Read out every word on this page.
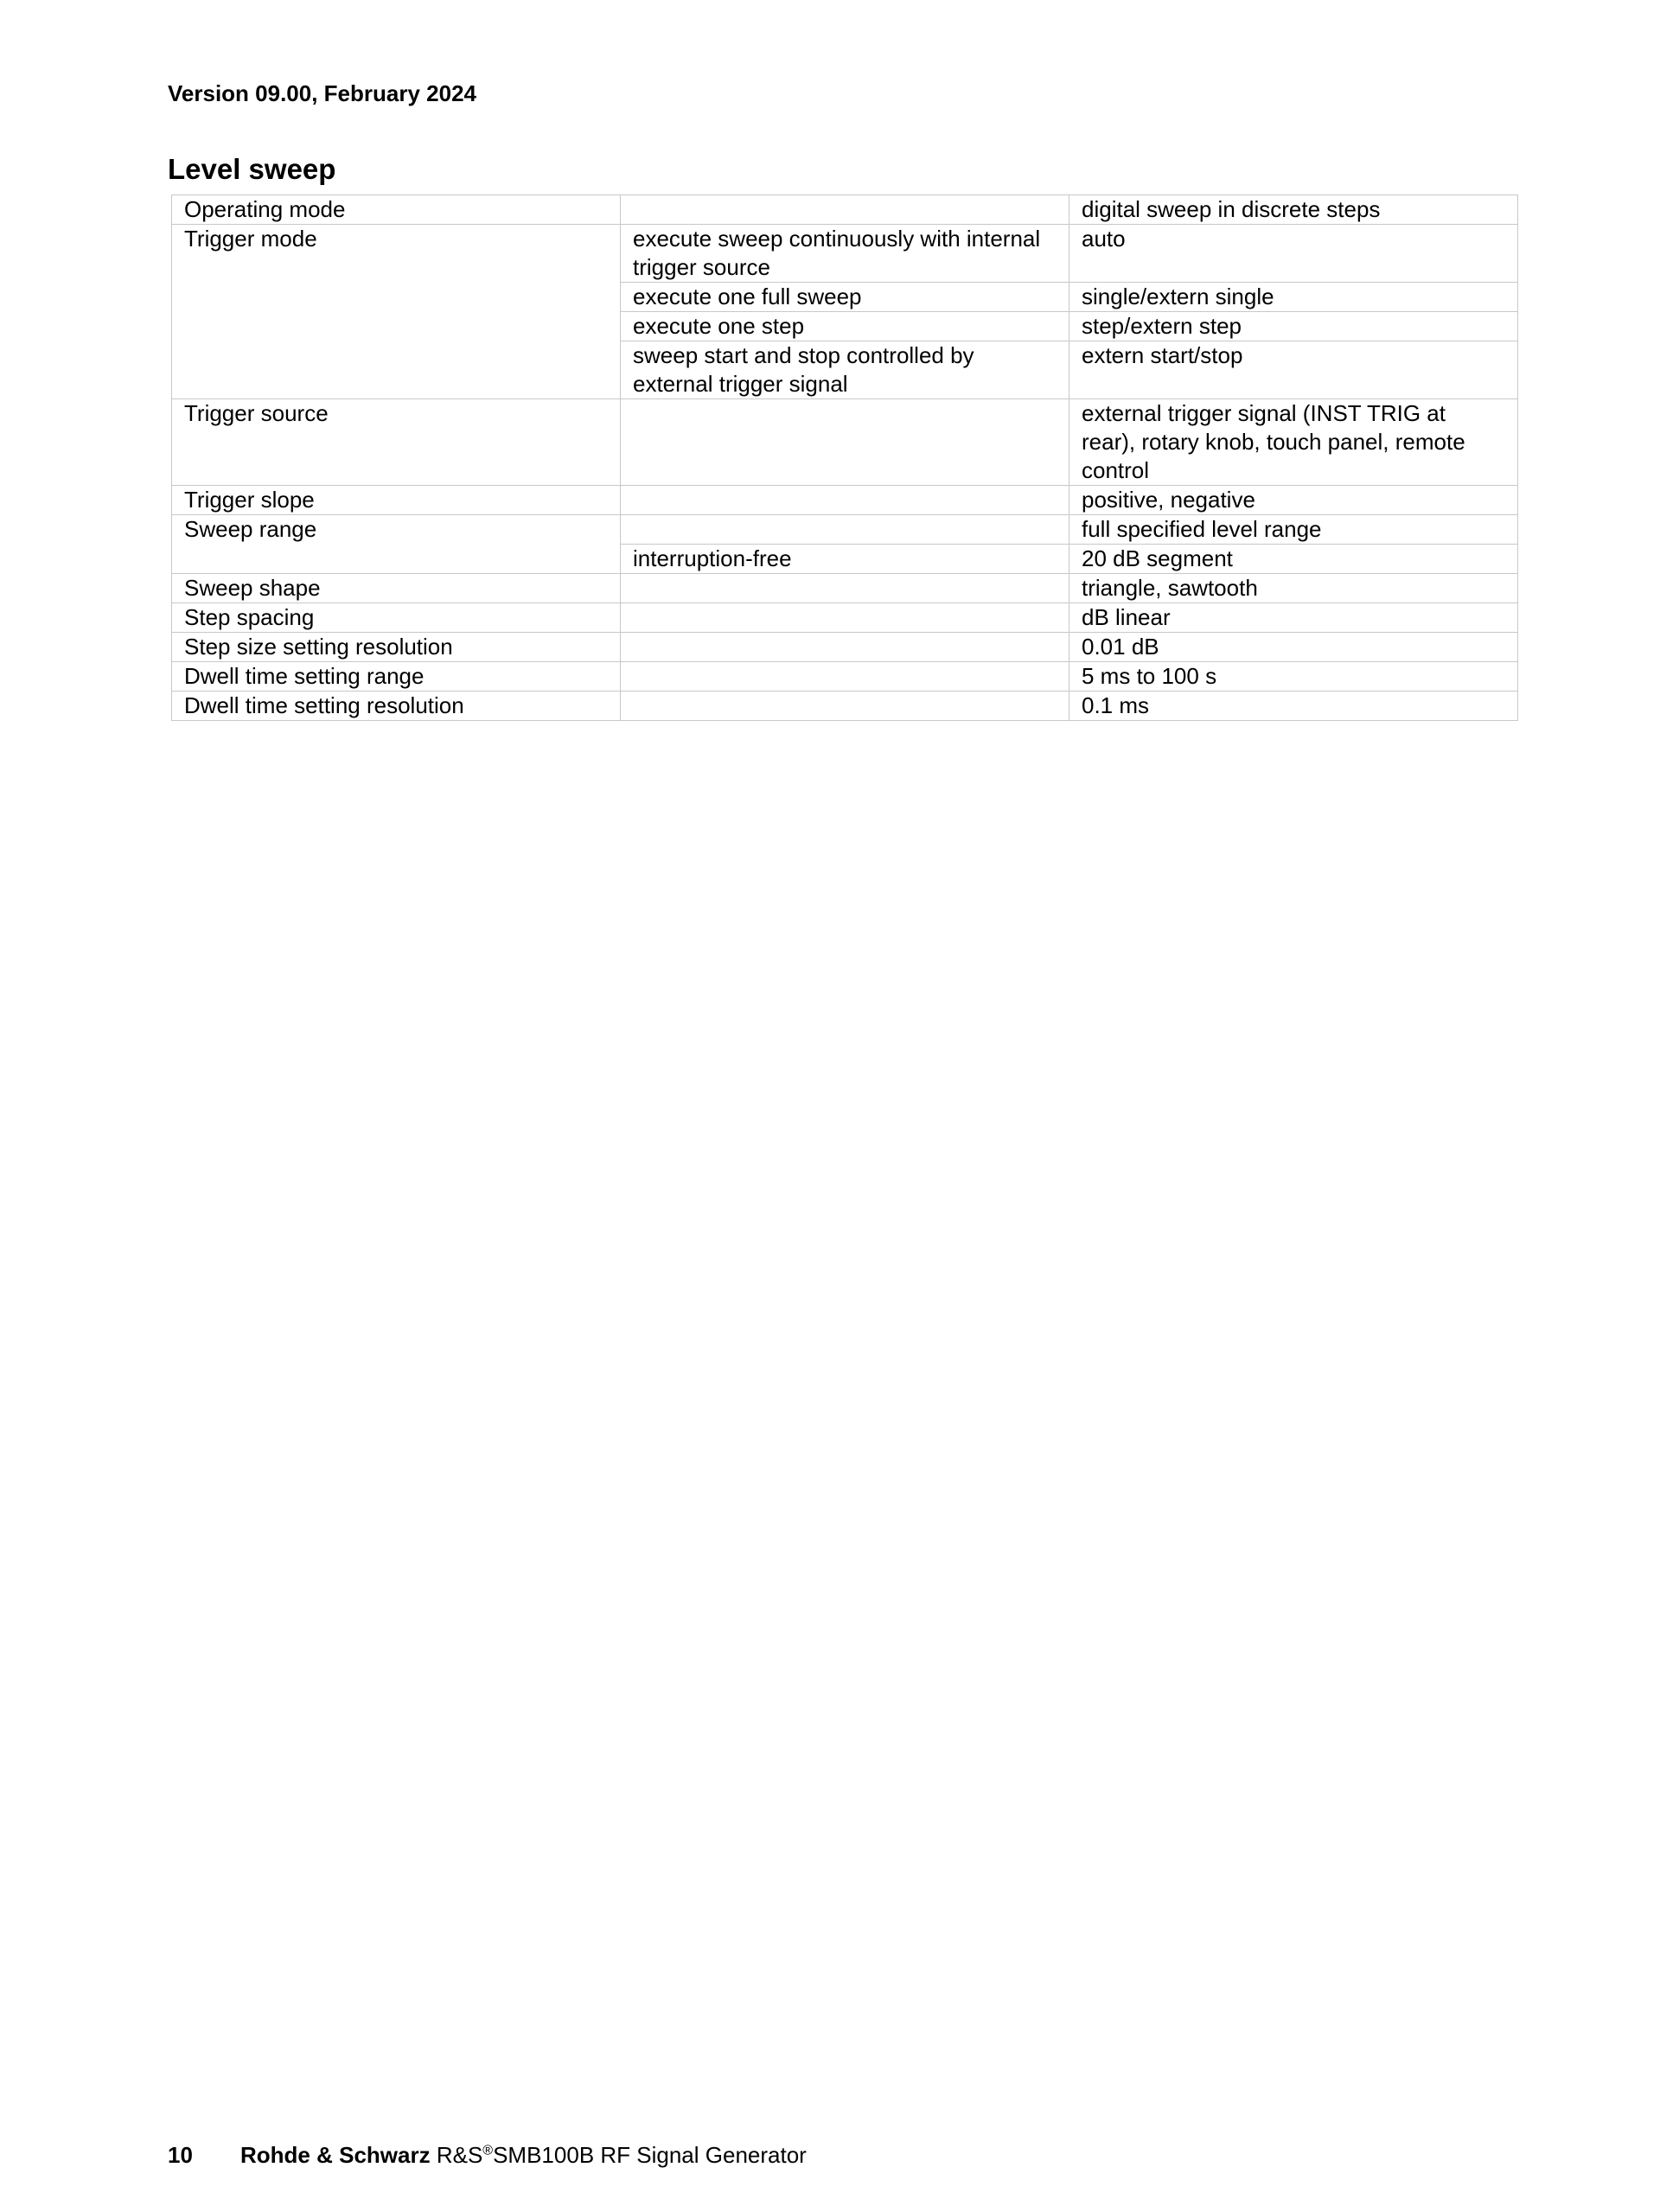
Version 09.00, February 2024
Level sweep
Operating mode		digital sweep in discrete steps
Trigger mode	execute sweep continuously with internal trigger source	auto
	execute one full sweep	single/extern single
	execute one step	step/extern step
	sweep start and stop controlled by external trigger signal	extern start/stop
Trigger source		external trigger signal (INST TRIG at rear), rotary knob, touch panel, remote control
Trigger slope		positive, negative
Sweep range		full specified level range
	interruption-free	20 dB segment
Sweep shape		triangle, sawtooth
Step spacing		dB linear
Step size setting resolution		0.01 dB
Dwell time setting range		5 ms to 100 s
Dwell time setting resolution		0.1 ms
10 Rohde & Schwarz R&S®SMB100B RF Signal Generator
